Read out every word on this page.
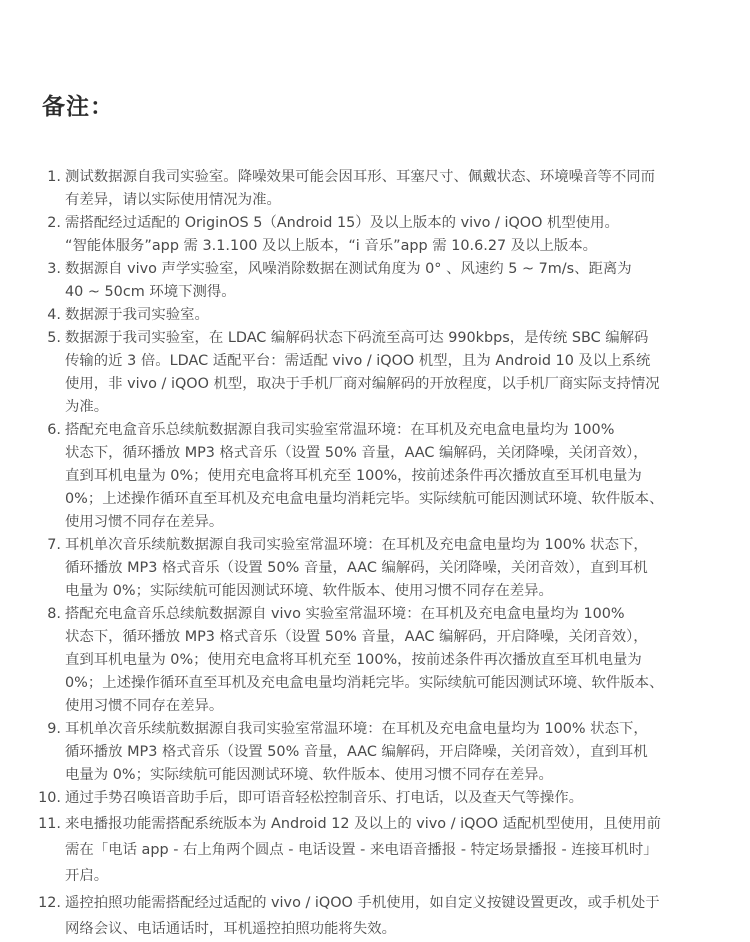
备注：
1. 测试数据源自我司实验室。降噪效果可能会因耳形、耳塞尺寸、佩戴状态、环境噪音等不同而
有差异，请以实际使用情况为准。
2. 需搭配经过适配的 OriginOS 5（Android 15）及以上版本的 vivo / iQOO 机型使用。
“智能体服务”app 需 3.1.100 及以上版本，“i 音乐”app 需 10.6.27 及以上版本。
3. 数据源自 vivo 声学实验室，风噪消除数据在测试角度为 0° 、风速约 5 ~ 7m/s、距离为
40 ~ 50cm 环境下测得。
4. 数据源于我司实验室。
5. 数据源于我司实验室，在 LDAC 编解码状态下码流至高可达 990kbps，是传统 SBC 编解码
传输的近 3 倍。LDAC 适配平台：需适配 vivo / iQOO 机型，且为 Android 10 及以上系统
使用，非 vivo / iQOO 机型，取决于手机厂商对编解码的开放程度，以手机厂商实际支持情况
为准。
6. 搭配充电盒音乐总续航数据源自我司实验室常温环境：在耳机及充电盒电量均为 100%
状态下，循环播放 MP3 格式音乐（设置 50% 音量，AAC 编解码，关闭降噪，关闭音效），
直到耳机电量为 0%；使用充电盒将耳机充至 100%，按前述条件再次播放直至耳机电量为
0%；上述操作循环直至耳机及充电盒电量均消耗完毕。实际续航可能因测试环境、软件版本、
使用习惯不同存在差异。
7. 耳机单次音乐续航数据源自我司实验室常温环境：在耳机及充电盒电量均为 100% 状态下，
循环播放 MP3 格式音乐（设置 50% 音量，AAC 编解码，关闭降噪，关闭音效），直到耳机
电量为 0%；实际续航可能因测试环境、软件版本、使用习惯不同存在差异。
8. 搭配充电盒音乐总续航数据源自 vivo 实验室常温环境：在耳机及充电盒电量均为 100%
状态下，循环播放 MP3 格式音乐（设置 50% 音量，AAC 编解码，开启降噪，关闭音效），
直到耳机电量为 0%；使用充电盒将耳机充至 100%，按前述条件再次播放直至耳机电量为
0%；上述操作循环直至耳机及充电盒电量均消耗完毕。实际续航可能因测试环境、软件版本、
使用习惯不同存在差异。
9. 耳机单次音乐续航数据源自我司实验室常温环境：在耳机及充电盒电量均为 100% 状态下，
循环播放 MP3 格式音乐（设置 50% 音量，AAC 编解码，开启降噪，关闭音效），直到耳机
电量为 0%；实际续航可能因测试环境、软件版本、使用习惯不同存在差异。
10. 通过手势召唤语音助手后，即可语音轻松控制音乐、打电话，以及查天气等操作。
11. 来电播报功能需搭配系统版本为 Android 12 及以上的 vivo / iQOO 适配机型使用，且使用前
需在「电话 app - 右上角两个圆点 - 电话设置 - 来电语音播报 - 特定场景播报 - 连接耳机时」
开启。
12. 遥控拍照功能需搭配经过适配的 vivo / iQOO 手机使用，如自定义按键设置更改，或手机处于
网络会议、电话通话时，耳机遥控拍照功能将失效。
